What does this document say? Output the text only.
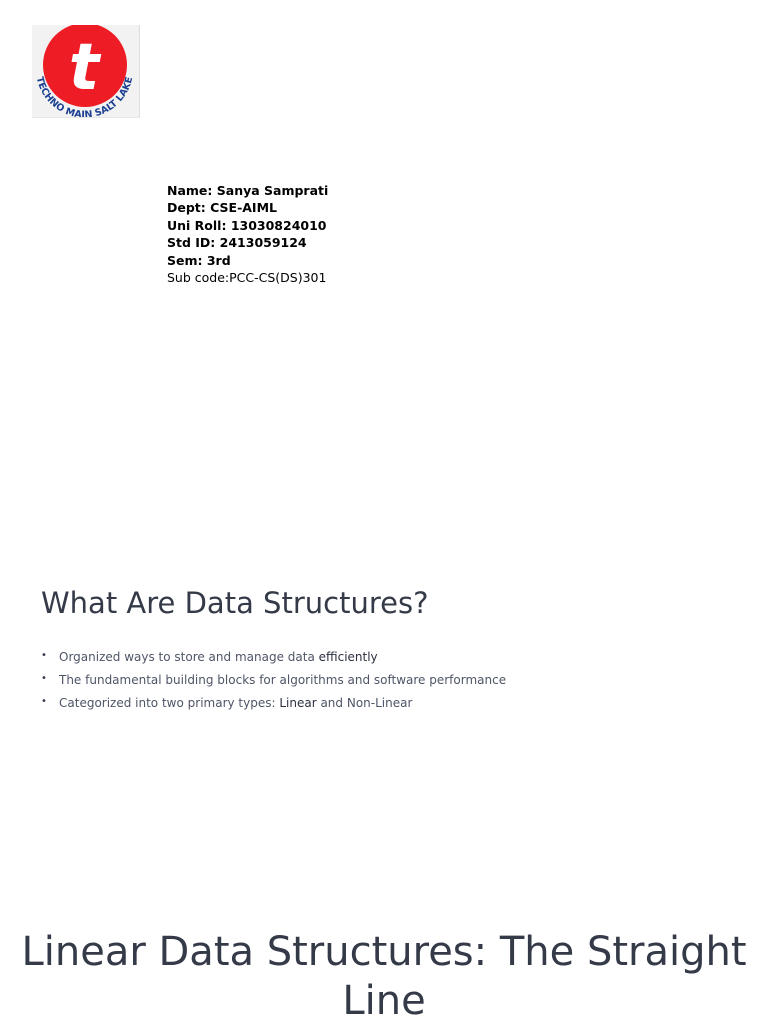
t
TECHNO MAIN SALT LAKE
Name: Sanya Samprati
Dept: CSE-AIML
Uni Roll: 13030824010
Std ID: 2413059124
Sem: 3rd
Sub code:PCC-CS(DS)301
What Are Data Structures?
• Organized ways to store and manage data efficiently
• The fundamental building blocks for algorithms and software performance
• Categorized into two primary types: Linear and Non-Linear
Linear Data Structures: The Straight Line
